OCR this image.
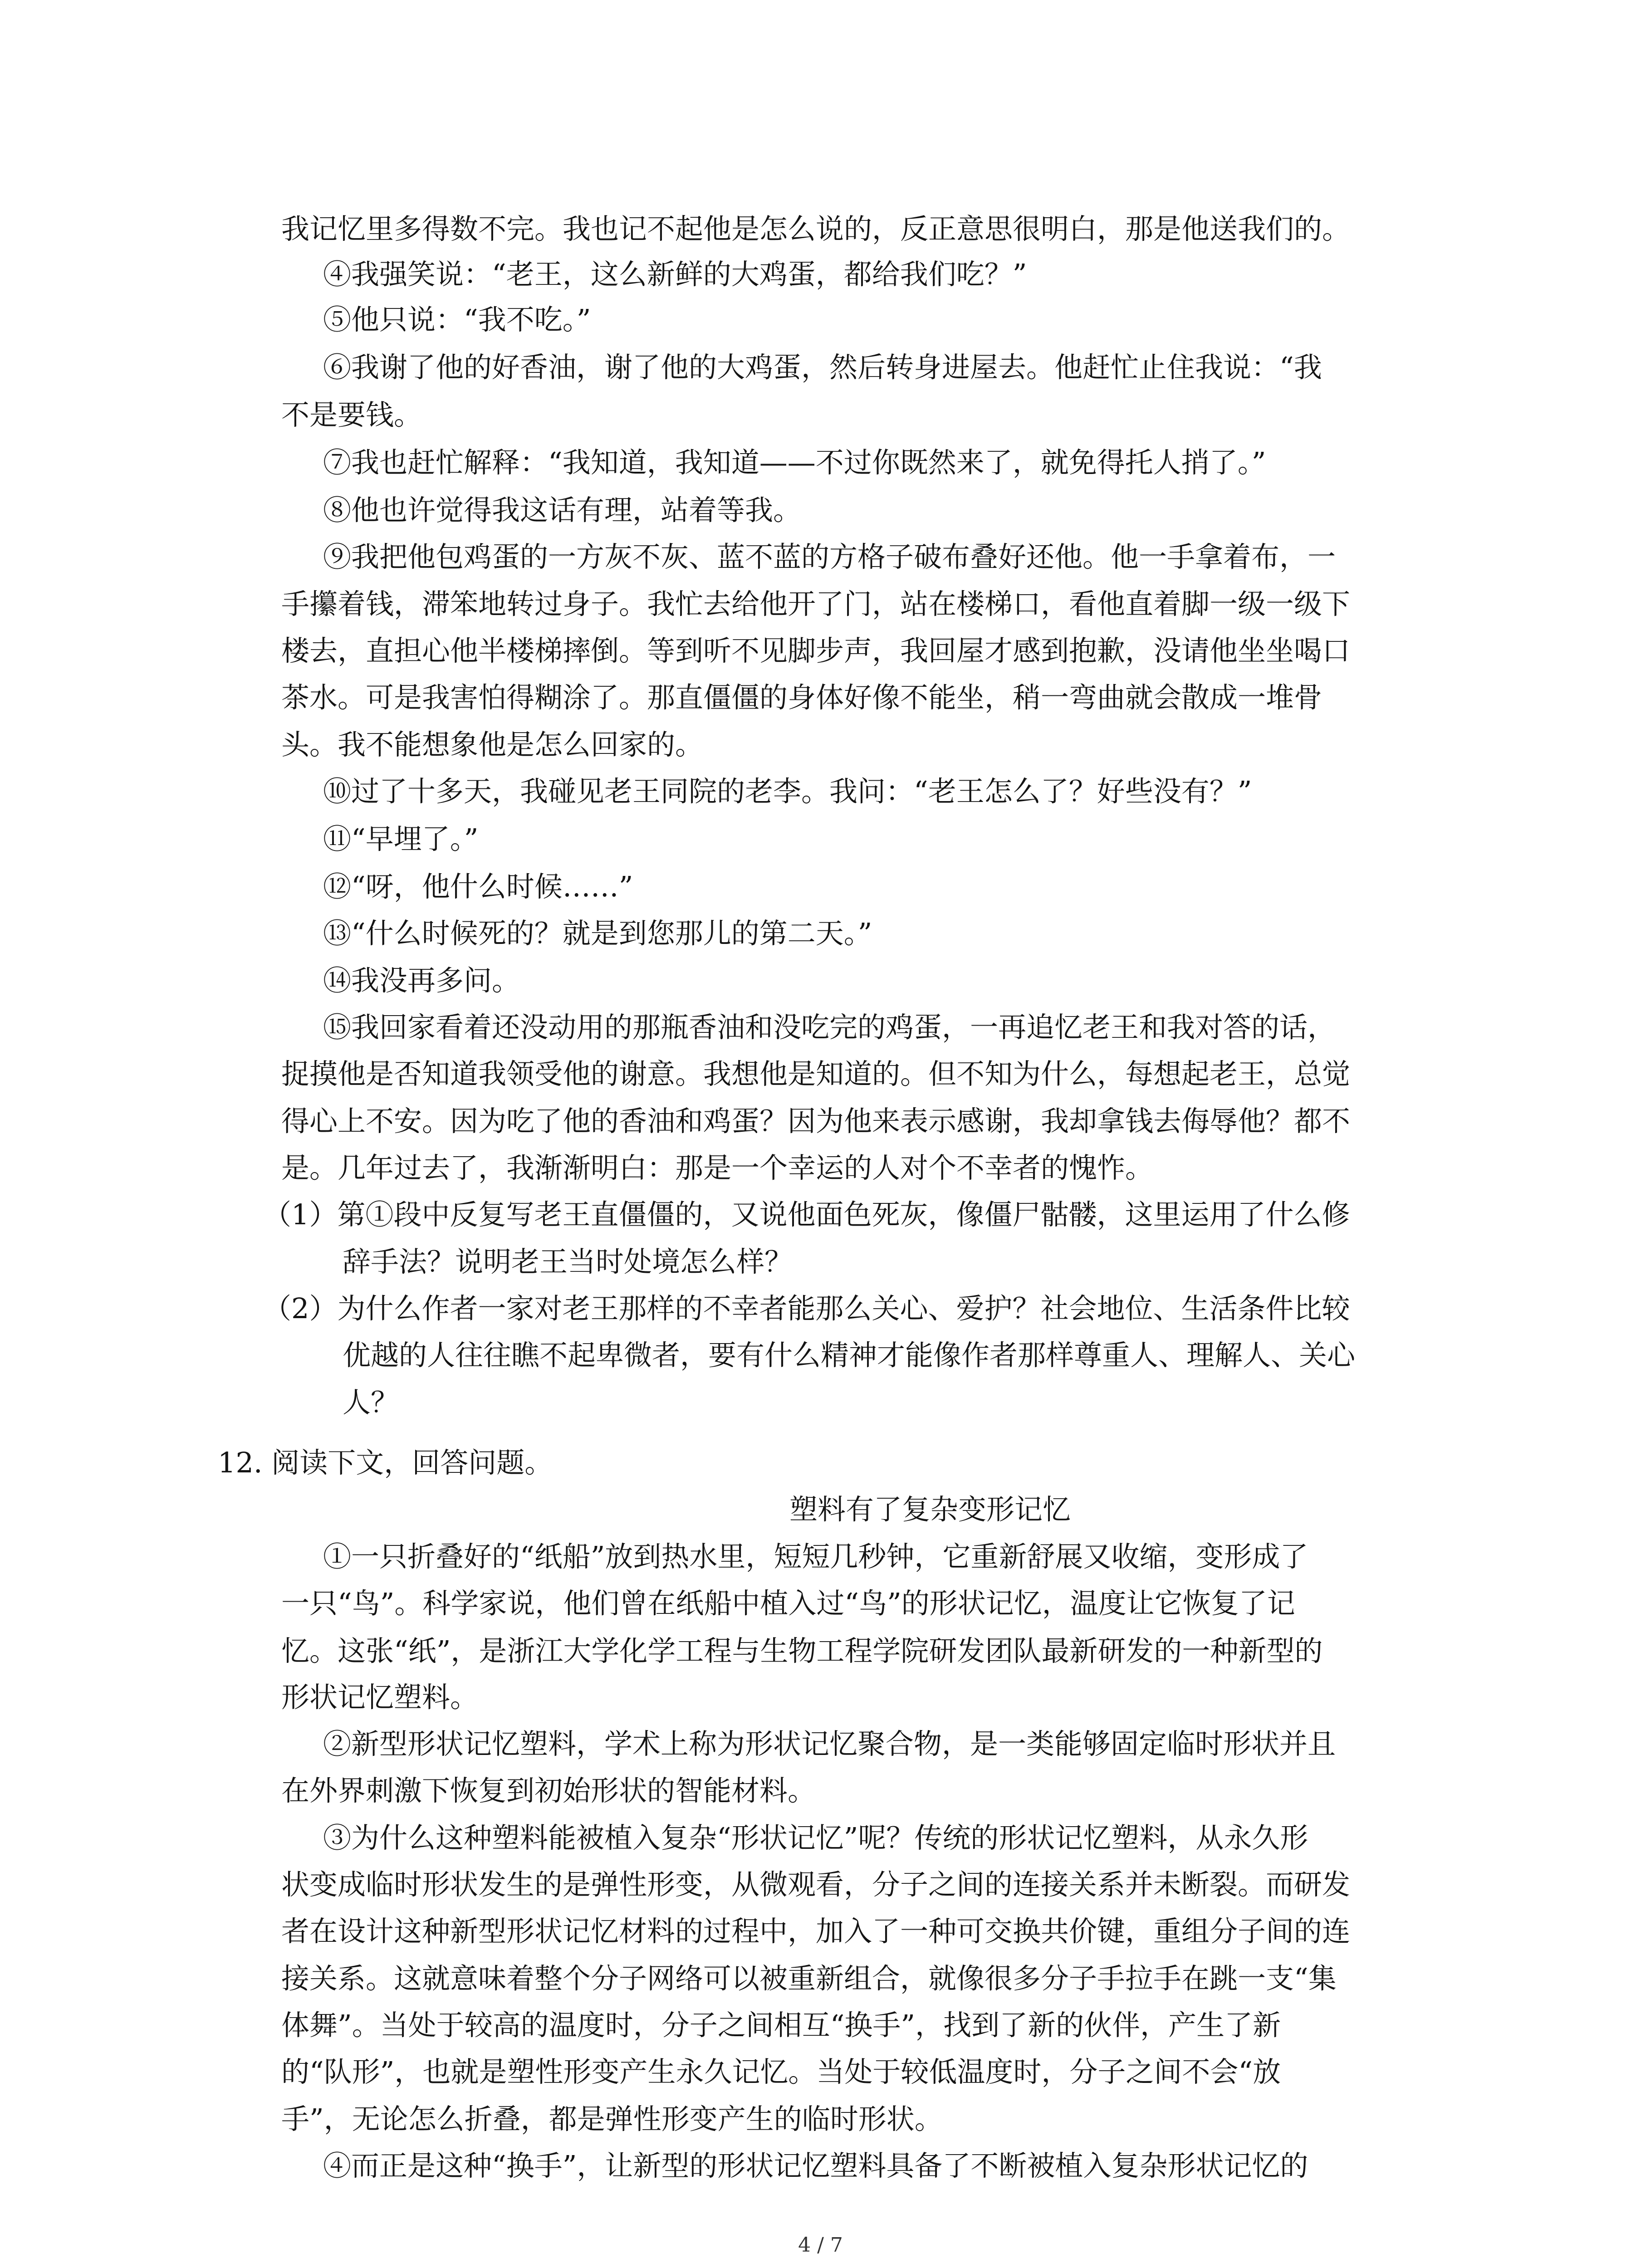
我记忆里多得数不完。我也记不起他是怎么说的，反正意思很明白，那是他送我们的。
④我强笑说：“老王，这么新鲜的大鸡蛋，都给我们吃？”
⑤他只说：“我不吃。”
⑥我谢了他的好香油，谢了他的大鸡蛋，然后转身进屋去。他赶忙止住我说：“我
不是要钱。
⑦我也赶忙解释：“我知道，我知道——不过你既然来了，就免得托人捎了。”
⑧他也许觉得我这话有理，站着等我。
⑨我把他包鸡蛋的一方灰不灰、蓝不蓝的方格子破布叠好还他。他一手拿着布，一
手攥着钱，滞笨地转过身子。我忙去给他开了门，站在楼梯口，看他直着脚一级一级下
楼去，直担心他半楼梯摔倒。等到听不见脚步声，我回屋才感到抱歉，没请他坐坐喝口
茶水。可是我害怕得糊涂了。那直僵僵的身体好像不能坐，稍一弯曲就会散成一堆骨
头。我不能想象他是怎么回家的。
⑩过了十多天，我碰见老王同院的老李。我问：“老王怎么了？好些没有？”
⑪“早埋了。”
⑫“呀，他什么时候……”
⑬“什么时候死的？就是到您那儿的第二天。”
⑭我没再多问。
⑮我回家看着还没动用的那瓶香油和没吃完的鸡蛋，一再追忆老王和我对答的话，
捉摸他是否知道我领受他的谢意。我想他是知道的。但不知为什么，每想起老王，总觉
得心上不安。因为吃了他的香油和鸡蛋？因为他来表示感谢，我却拿钱去侮辱他？都不
是。几年过去了，我渐渐明白：那是一个幸运的人对个不幸者的愧怍。
（1）第①段中反复写老王直僵僵的，又说他面色死灰，像僵尸骷髅，这里运用了什么修
辞手法？说明老王当时处境怎么样？
（2）为什么作者一家对老王那样的不幸者能那么关心、爱护？社会地位、生活条件比较
优越的人往往瞧不起卑微者，要有什么精神才能像作者那样尊重人、理解人、关心
人？
12. 阅读下文，回答问题。
塑料有了复杂变形记忆
①一只折叠好的“纸船”放到热水里，短短几秒钟，它重新舒展又收缩，变形成了
一只“鸟”。科学家说，他们曾在纸船中植入过“鸟”的形状记忆，温度让它恢复了记
忆。这张“纸”，是浙江大学化学工程与生物工程学院研发团队最新研发的一种新型的
形状记忆塑料。
②新型形状记忆塑料，学术上称为形状记忆聚合物，是一类能够固定临时形状并且
在外界刺激下恢复到初始形状的智能材料。
③为什么这种塑料能被植入复杂“形状记忆”呢？传统的形状记忆塑料，从永久形
状变成临时形状发生的是弹性形变，从微观看，分子之间的连接关系并未断裂。而研发
者在设计这种新型形状记忆材料的过程中，加入了一种可交换共价键，重组分子间的连
接关系。这就意味着整个分子网络可以被重新组合，就像很多分子手拉手在跳一支“集
体舞”。当处于较高的温度时，分子之间相互“换手”，找到了新的伙伴，产生了新
的“队形”，也就是塑性形变产生永久记忆。当处于较低温度时，分子之间不会“放
手”，无论怎么折叠，都是弹性形变产生的临时形状。
④而正是这种“换手”，让新型的形状记忆塑料具备了不断被植入复杂形状记忆的
4 / 7
